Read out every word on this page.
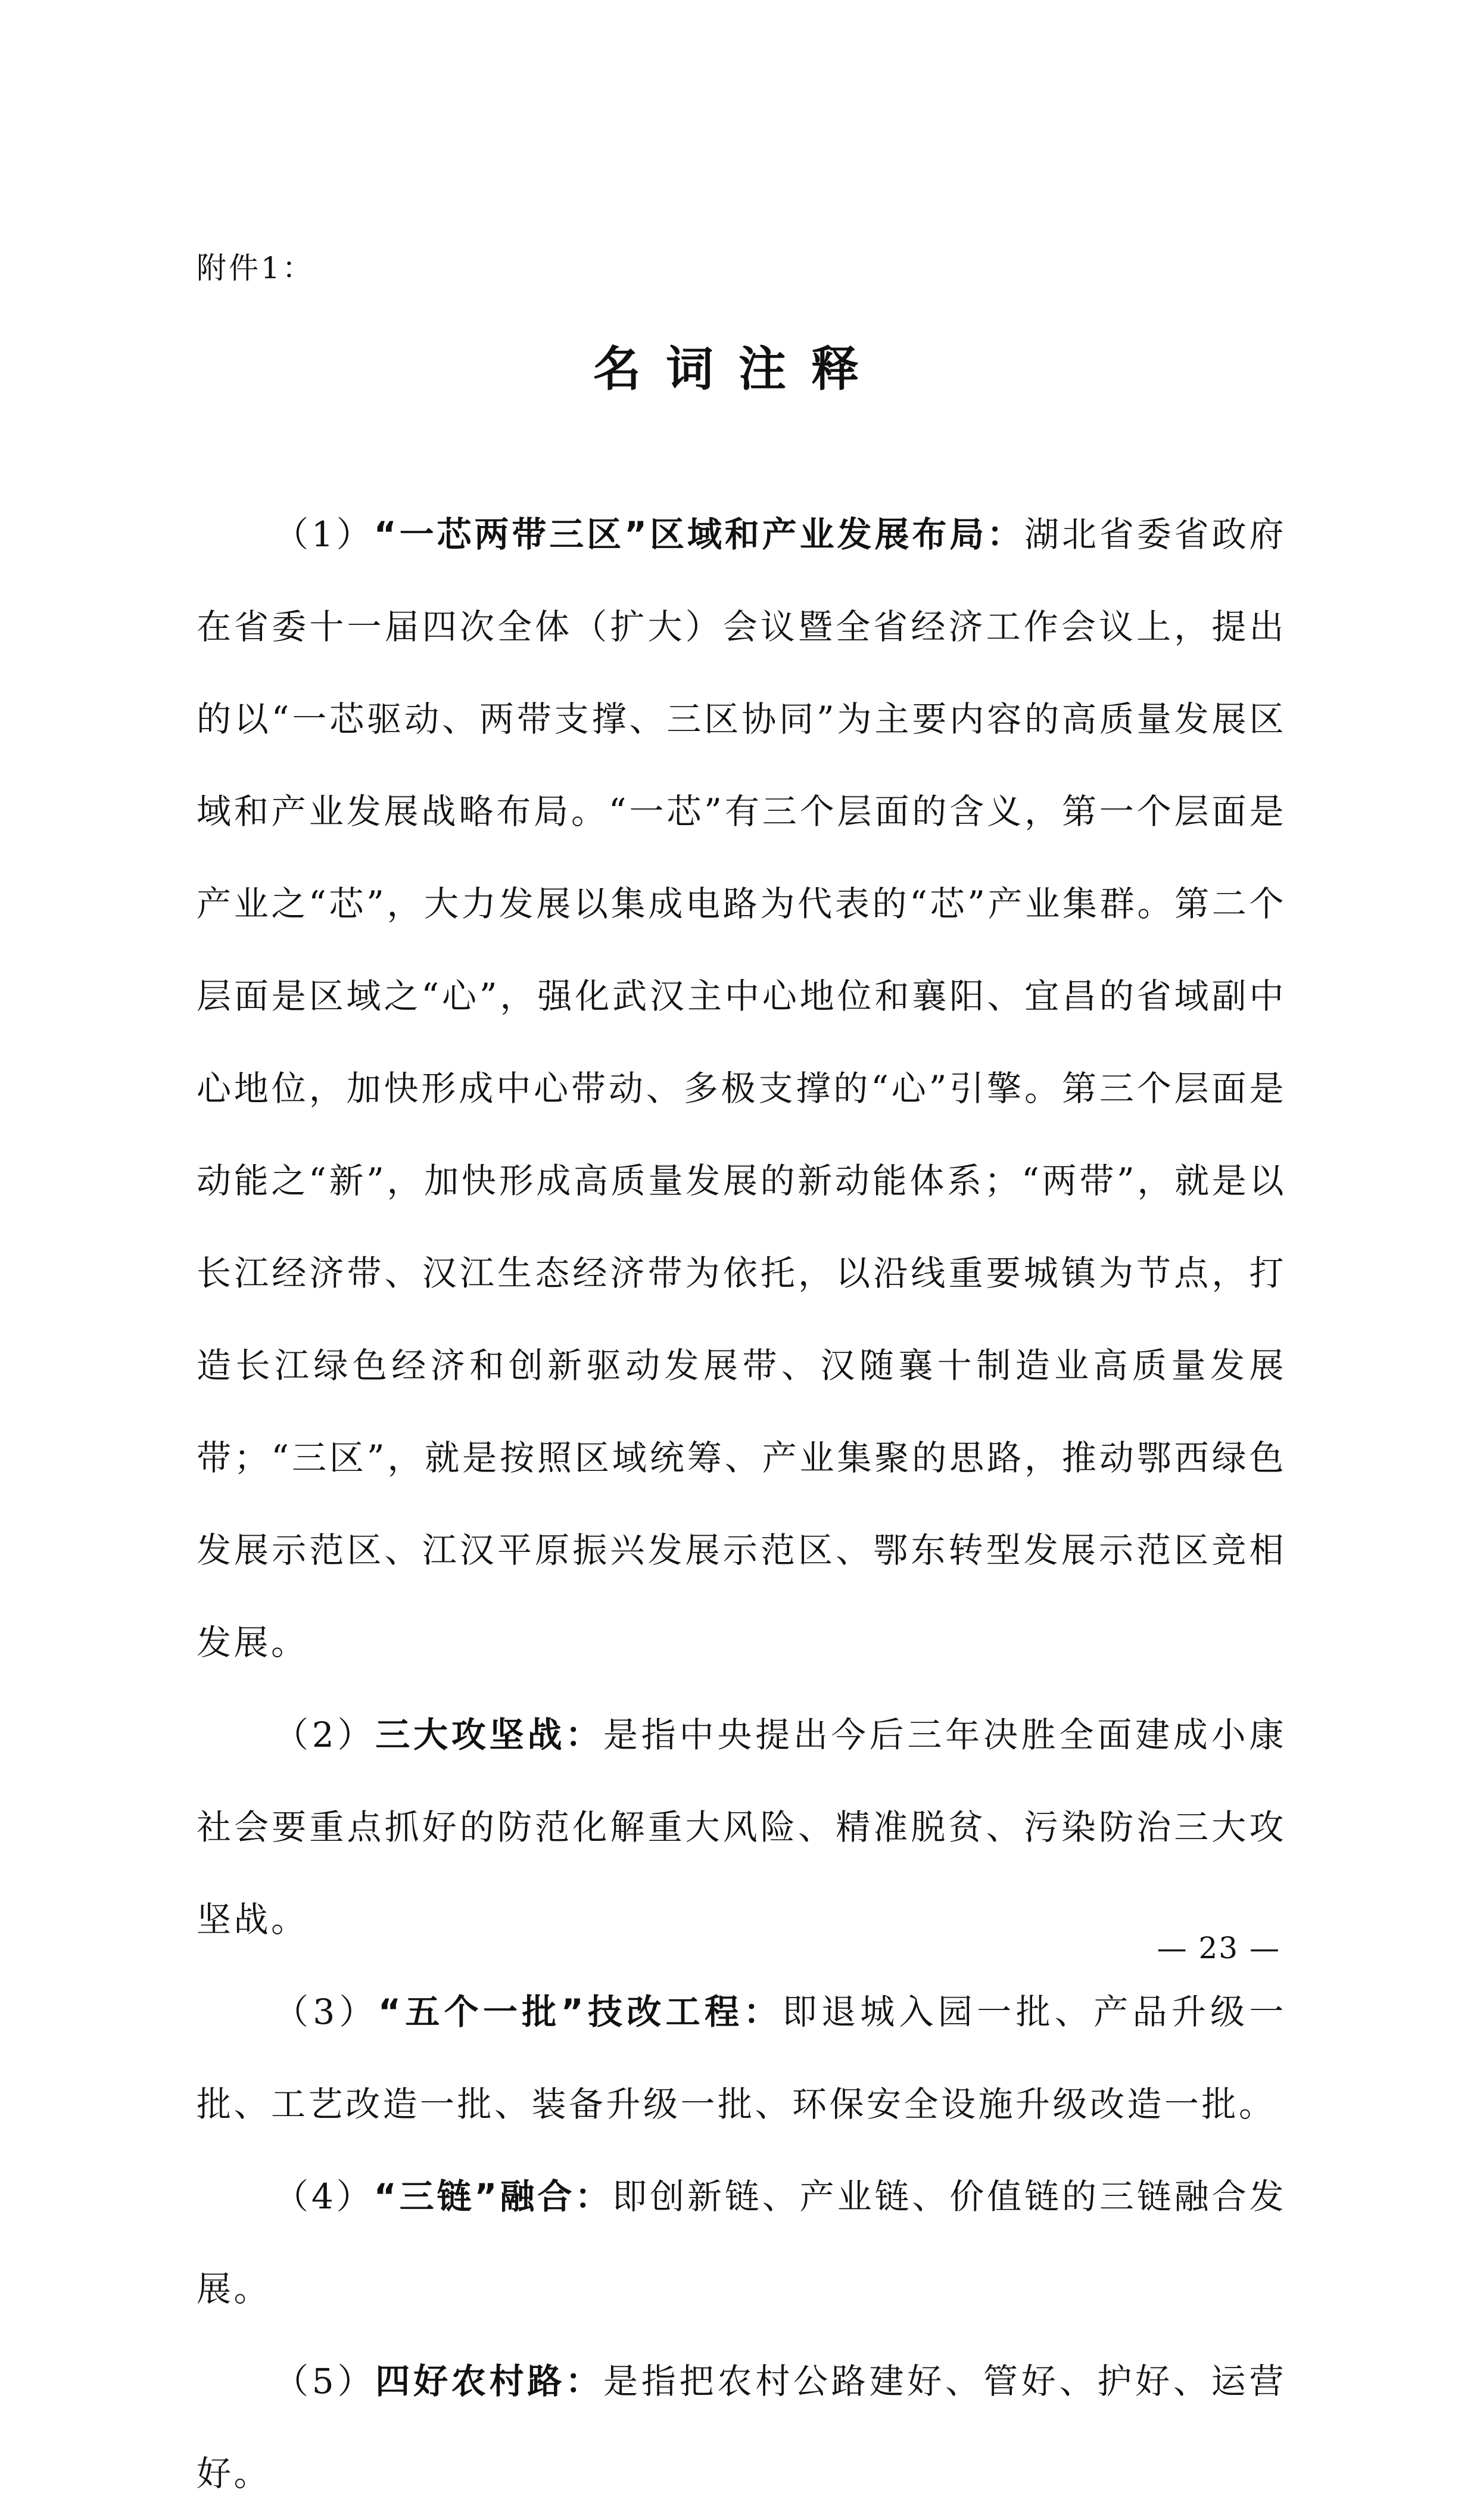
附件1：
名词注释

（1）“一芯两带三区”区域和产业发展布局：湖北省委省政府在省委十一届四次全体（扩大）会议暨全省经济工作会议上，提出的以“一芯驱动、两带支撑、三区协同”为主要内容的高质量发展区域和产业发展战略布局。“一芯”有三个层面的含义，第一个层面是产业之“芯”，大力发展以集成电路为代表的“芯”产业集群。第二个层面是区域之“心”，强化武汉主中心地位和襄阳、宜昌的省域副中心地位，加快形成中心带动、多极支撑的“心”引擎。第三个层面是动能之“新”，加快形成高质量发展的新动能体系；“两带”，就是以长江经济带、汉江生态经济带为依托，以沿线重要城镇为节点，打造长江绿色经济和创新驱动发展带、汉随襄十制造业高质量发展带；“三区”，就是按照区域统筹、产业集聚的思路，推动鄂西绿色发展示范区、江汉平原振兴发展示范区、鄂东转型发展示范区竞相发展。

（2）三大攻坚战：是指中央提出今后三年决胜全面建成小康社会要重点抓好的防范化解重大风险、精准脱贫、污染防治三大攻坚战。

（3）“五个一批”技改工程：即退城入园一批、产品升级一批、工艺改造一批、装备升级一批、环保安全设施升级改造一批。

（4）“三链”融合：即创新链、产业链、价值链的三链融合发展。

（5）四好农村路：是指把农村公路建好、管好、护好、运营好。

— 23 —
